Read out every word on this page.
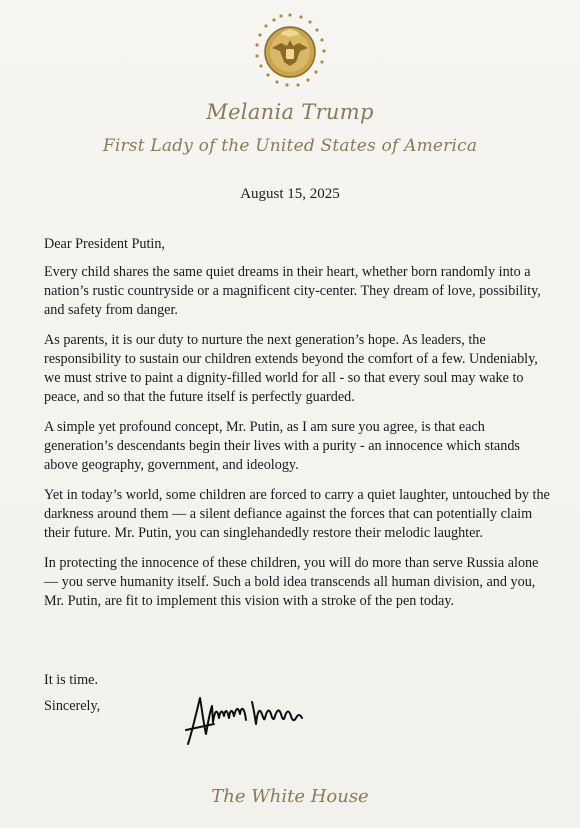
Melania Trump
First Lady of the United States of America
August 15, 2025

Dear President Putin,

Every child shares the same quiet dreams in their heart, whether born randomly into a nation’s rustic countryside or a magnificent city-center. They dream of love, possibility, and safety from danger.

As parents, it is our duty to nurture the next generation’s hope. As leaders, the responsibility to sustain our children extends beyond the comfort of a few. Undeniably, we must strive to paint a dignity-filled world for all - so that every soul may wake to peace, and so that the future itself is perfectly guarded.

A simple yet profound concept, Mr. Putin, as I am sure you agree, is that each generation’s descendants begin their lives with a purity - an innocence which stands above geography, government, and ideology.

Yet in today’s world, some children are forced to carry a quiet laughter, untouched by the darkness around them — a silent defiance against the forces that can potentially claim their future. Mr. Putin, you can singlehandedly restore their melodic laughter.

In protecting the innocence of these children, you will do more than serve Russia alone — you serve humanity itself. Such a bold idea transcends all human division, and you, Mr. Putin, are fit to implement this vision with a stroke of the pen today.

It is time.
Sincerely,
The White House
